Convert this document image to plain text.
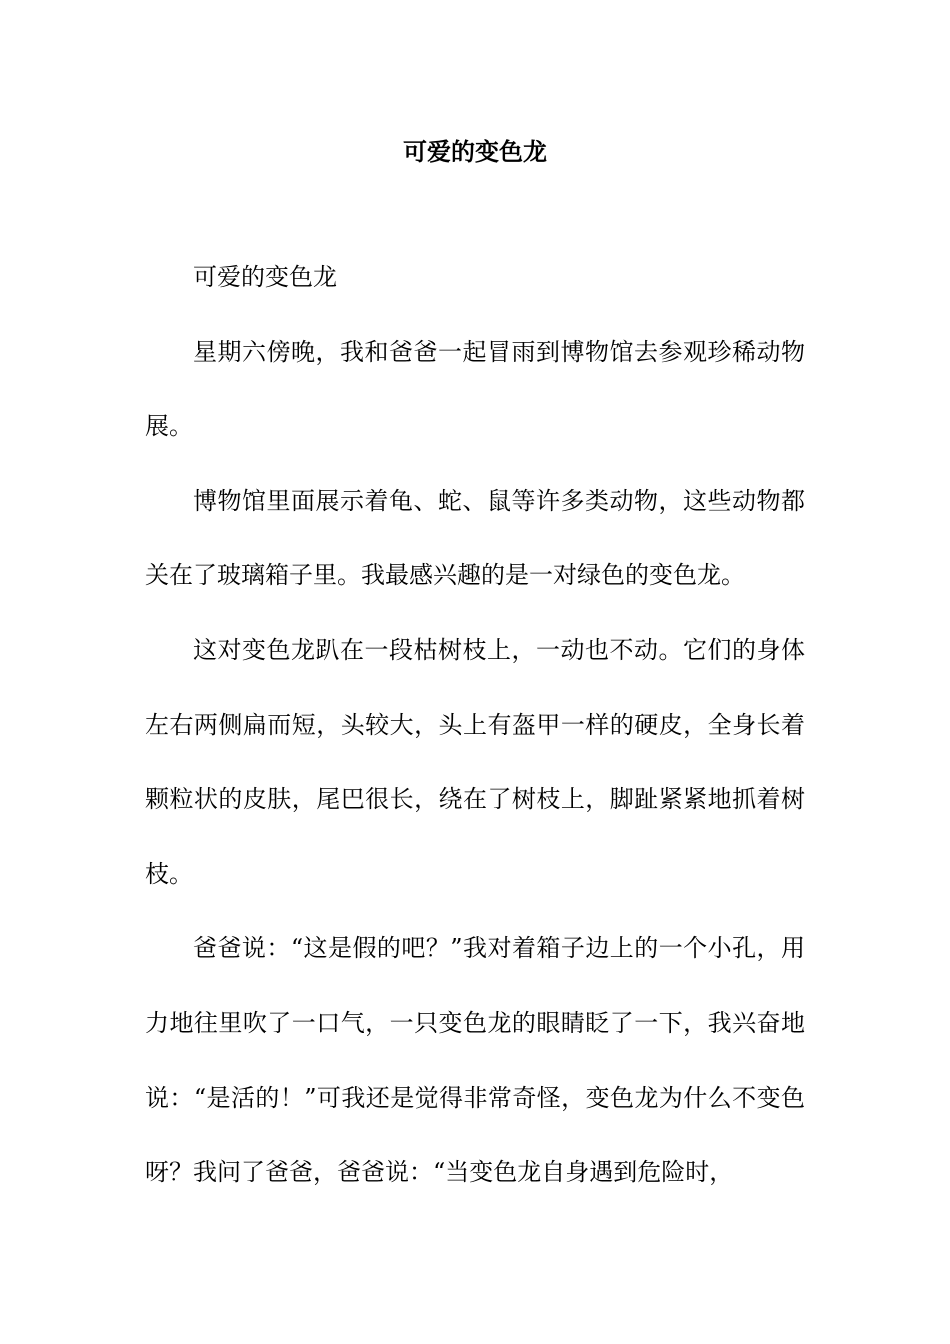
可爱的变色龙

可爱的变色龙

星期六傍晚，我和爸爸一起冒雨到博物馆去参观珍稀动物展。

博物馆里面展示着龟、蛇、鼠等许多类动物，这些动物都关在了玻璃箱子里。我最感兴趣的是一对绿色的变色龙。

这对变色龙趴在一段枯树枝上，一动也不动。它们的身体左右两侧扁而短，头较大，头上有盔甲一样的硬皮，全身长着颗粒状的皮肤，尾巴很长，绕在了树枝上，脚趾紧紧地抓着树枝。

爸爸说：“这是假的吧？”我对着箱子边上的一个小孔，用力地往里吹了一口气，一只变色龙的眼睛眨了一下，我兴奋地说：“是活的！”可我还是觉得非常奇怪，变色龙为什么不变色呀？我问了爸爸，爸爸说：“当变色龙自身遇到危险时，
